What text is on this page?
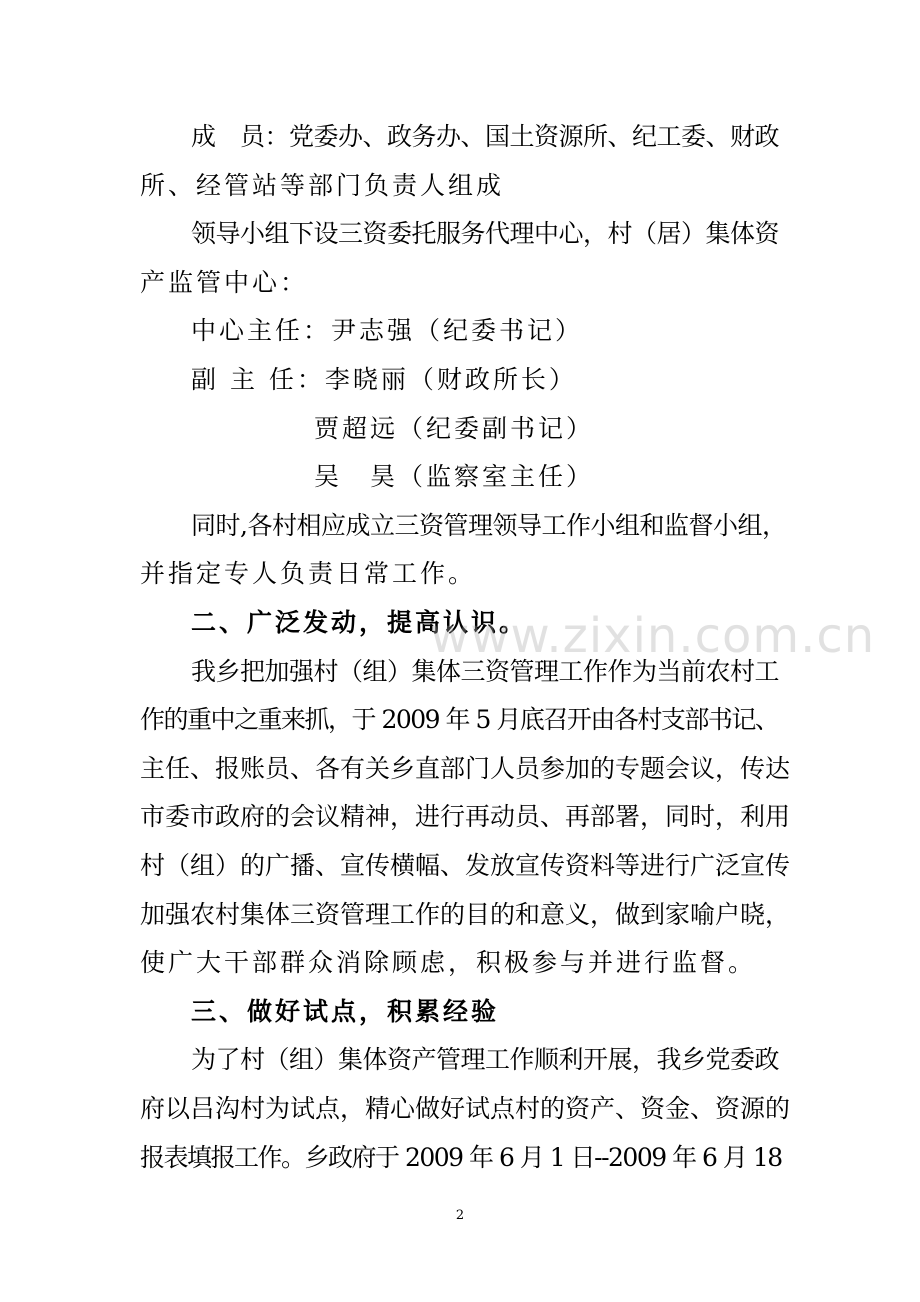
成　员：党委办、政务办、国土资源所、纪工委、财政
所、经管站等部门负责人组成
领导小组下设三资委托服务代理中心，村（居）集体资
产监管中心：
中心主任：尹志强（纪委书记）
副 主 任：李晓丽（财政所长）
贾超远（纪委副书记）
吴　昊（监察室主任）
同时,各村相应成立三资管理领导工作小组和监督小组，
并指定专人负责日常工作。
二、广泛发动，提高认识。
我乡把加强村（组）集体三资管理工作作为当前农村工
作的重中之重来抓，于 2009 年 5 月底召开由各村支部书记、
主任、报账员、各有关乡直部门人员参加的专题会议，传达
市委市政府的会议精神，进行再动员、再部署，同时，利用
村（组）的广播、宣传横幅、发放宣传资料等进行广泛宣传
加强农村集体三资管理工作的目的和意义，做到家喻户晓，
使广大干部群众消除顾虑，积极参与并进行监督。
三、做好试点，积累经验
为了村（组）集体资产管理工作顺利开展，我乡党委政
府以吕沟村为试点，精心做好试点村的资产、资金、资源的
报表填报工作。乡政府于 2009 年 6 月 1 日--2009 年 6 月 18
www.zixin.com.cn
2
